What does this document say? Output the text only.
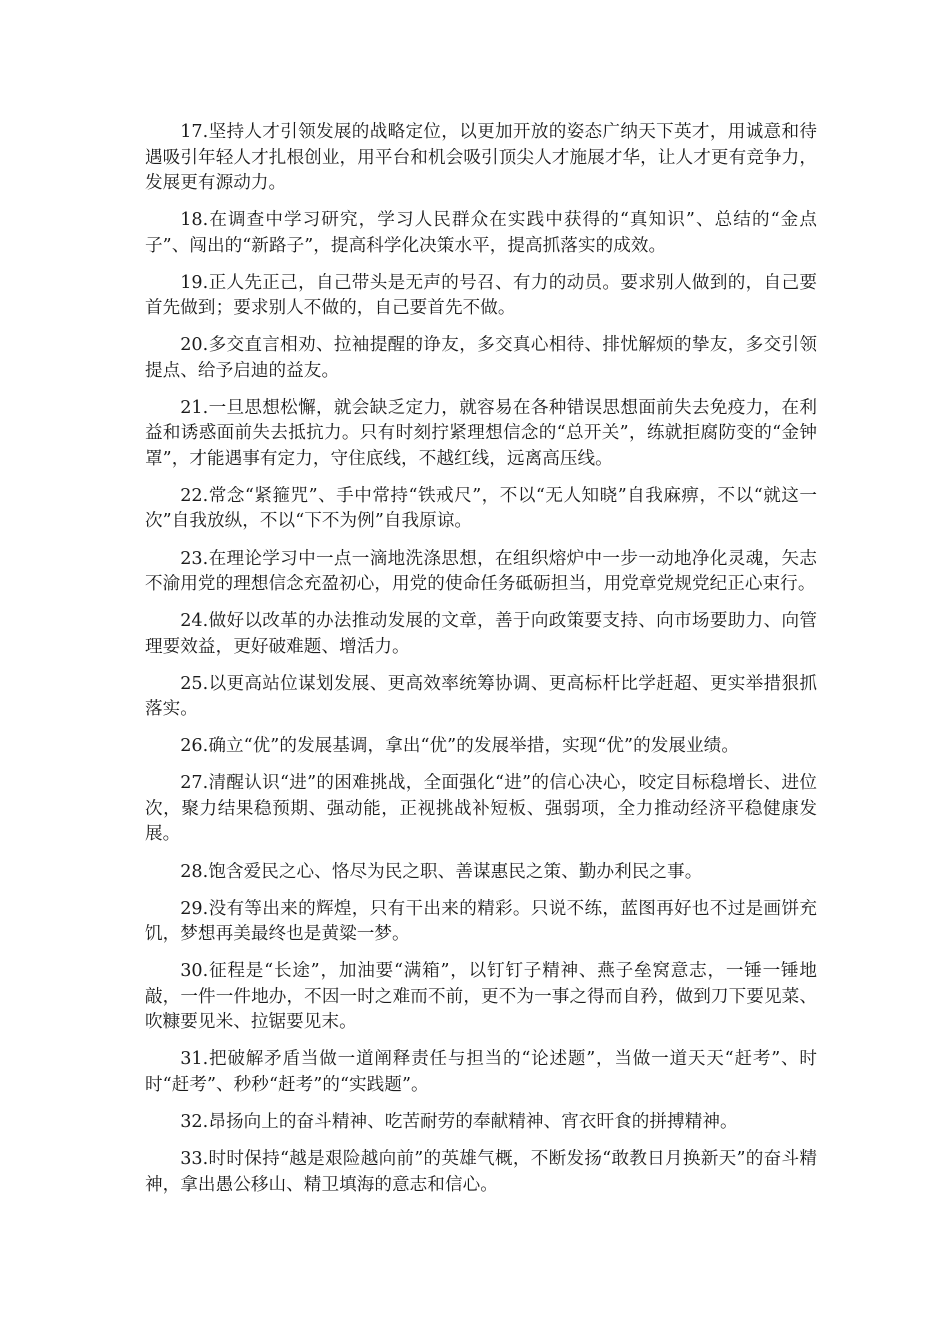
17.坚持人才引领发展的战略定位，以更加开放的姿态广纳天下英才，用诚意和待遇吸引年轻人才扎根创业，用平台和机会吸引顶尖人才施展才华，让人才更有竞争力，发展更有源动力。

18.在调查中学习研究，学习人民群众在实践中获得的“真知识”、总结的“金点子”、闯出的“新路子”，提高科学化决策水平，提高抓落实的成效。

19.正人先正己，自己带头是无声的号召、有力的动员。要求别人做到的，自己要首先做到；要求别人不做的，自己要首先不做。

20.多交直言相劝、拉袖提醒的诤友，多交真心相待、排忧解烦的挚友，多交引领提点、给予启迪的益友。

21.一旦思想松懈，就会缺乏定力，就容易在各种错误思想面前失去免疫力，在利益和诱惑面前失去抵抗力。只有时刻拧紧理想信念的“总开关”，练就拒腐防变的“金钟罩”，才能遇事有定力，守住底线，不越红线，远离高压线。

22.常念“紧箍咒”、手中常持“铁戒尺”，不以“无人知晓”自我麻痹，不以“就这一次”自我放纵，不以“下不为例”自我原谅。

23.在理论学习中一点一滴地洗涤思想，在组织熔炉中一步一动地净化灵魂，矢志不渝用党的理想信念充盈初心，用党的使命任务砥砺担当，用党章党规党纪正心束行。

24.做好以改革的办法推动发展的文章，善于向政策要支持、向市场要助力、向管理要效益，更好破难题、增活力。

25.以更高站位谋划发展、更高效率统筹协调、更高标杆比学赶超、更实举措狠抓落实。

26.确立“优”的发展基调，拿出“优”的发展举措，实现“优”的发展业绩。

27.清醒认识“进”的困难挑战，全面强化“进”的信心决心，咬定目标稳增长、进位次，聚力结果稳预期、强动能，正视挑战补短板、强弱项，全力推动经济平稳健康发展。

28.饱含爱民之心、恪尽为民之职、善谋惠民之策、勤办利民之事。

29.没有等出来的辉煌，只有干出来的精彩。只说不练，蓝图再好也不过是画饼充饥，梦想再美最终也是黄粱一梦。

30.征程是“长途”，加油要“满箱”，以钉钉子精神、燕子垒窝意志，一锤一锤地敲，一件一件地办，不因一时之难而不前，更不为一事之得而自矜，做到刀下要见菜、吹糠要见米、拉锯要见末。

31.把破解矛盾当做一道阐释责任与担当的“论述题”，当做一道天天“赶考”、时时“赶考”、秒秒“赶考”的“实践题”。

32.昂扬向上的奋斗精神、吃苦耐劳的奉献精神、宵衣旰食的拼搏精神。

33.时时保持“越是艰险越向前”的英雄气概，不断发扬“敢教日月换新天”的奋斗精神，拿出愚公移山、精卫填海的意志和信心。
